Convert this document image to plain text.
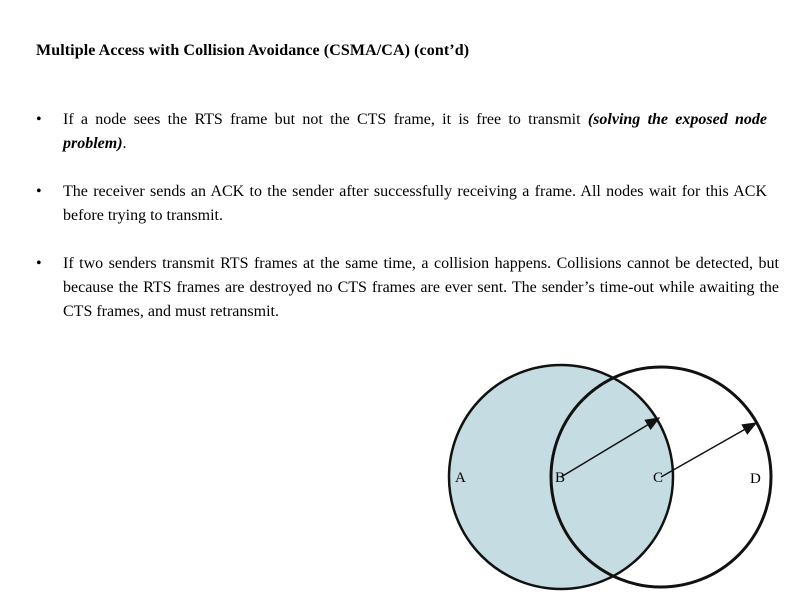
Multiple Access with Collision Avoidance (CSMA/CA) (cont’d)
• If a node sees the RTS frame but not the CTS frame, it is free to transmit (solving the exposed node problem).
• The receiver sends an ACK to the sender after successfully receiving a frame. All nodes wait for this ACK before trying to transmit.
• If two senders transmit RTS frames at the same time, a collision happens. Collisions cannot be detected, but because the RTS frames are destroyed no CTS frames are ever sent. The sender’s time-out while awaiting the CTS frames, and must retransmit.
A	B	C	D
